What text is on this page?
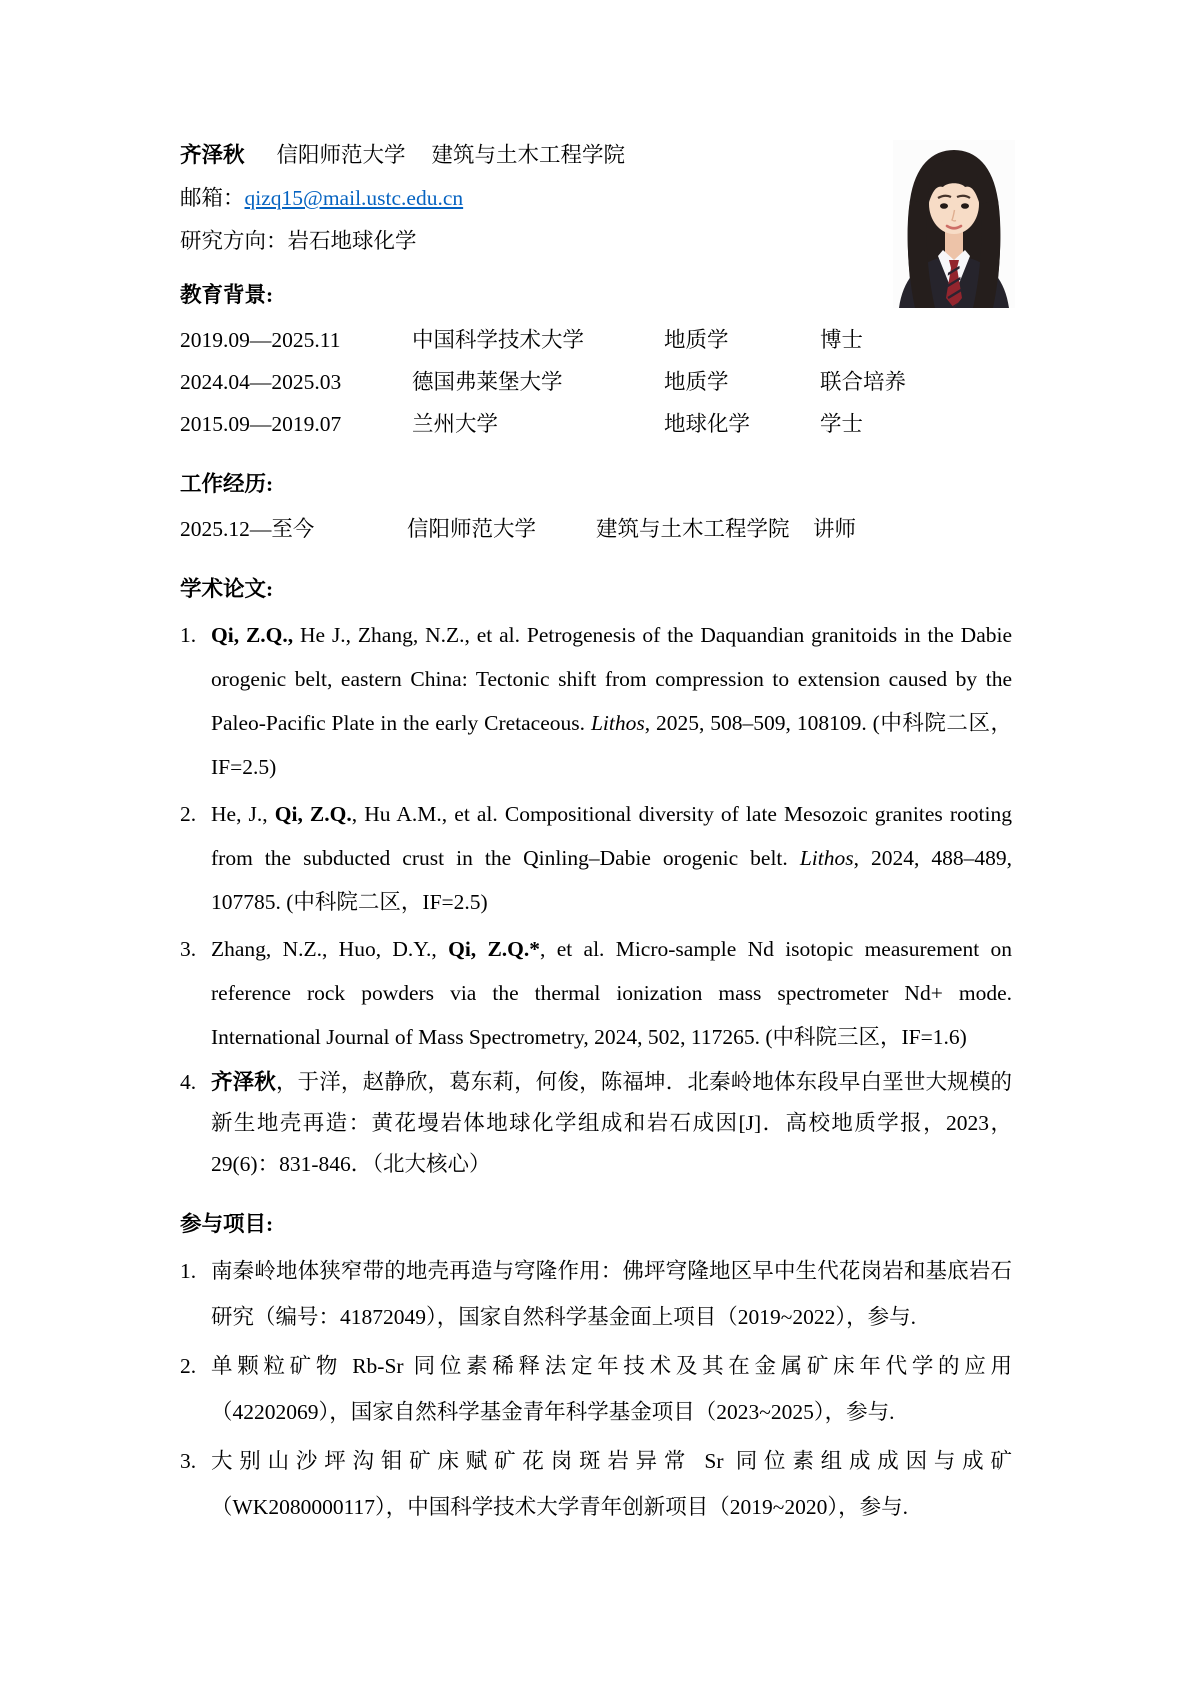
齐泽秋 信阳师范大学 建筑与土木工程学院
邮箱：qizq15@mail.ustc.edu.cn
研究方向：岩石地球化学
教育背景:
2019.09—2025.11	中国科学技术大学	地质学	博士
2024.04—2025.03	德国弗莱堡大学	地质学	联合培养
2015.09—2019.07	兰州大学	地球化学	学士
工作经历:
2025.12—至今	信阳师范大学	建筑与土木工程学院	讲师
学术论文:
1. Qi, Z.Q., He J., Zhang, N.Z., et al. Petrogenesis of the Daquandian granitoids in the Dabie orogenic belt, eastern China: Tectonic shift from compression to extension caused by the Paleo-Pacific Plate in the early Cretaceous. Lithos, 2025, 508–509, 108109. (中科院二区，IF=2.5)

2. He, J., Qi, Z.Q., Hu A.M., et al. Compositional diversity of late Mesozoic granites rooting from the subducted crust in the Qinling–Dabie orogenic belt. Lithos, 2024, 488–489, 107785. (中科院二区，IF=2.5)

3. Zhang, N.Z., Huo, D.Y., Qi, Z.Q.*, et al. Micro-sample Nd isotopic measurement on reference rock powders via the thermal ionization mass spectrometer Nd+ mode. International Journal of Mass Spectrometry, 2024, 502, 117265. (中科院三区，IF=1.6)

4. 齐泽秋，于洋，赵静欣，葛东莉，何俊，陈福坤．北秦岭地体东段早白垩世大规模的新生地壳再造：黄花墁岩体地球化学组成和岩石成因[J]．高校地质学报，2023，29(6)：831-846．（北大核心）

参与项目:
1. 南秦岭地体狭窄带的地壳再造与穹隆作用：佛坪穹隆地区早中生代花岗岩和基底岩石研究（编号：41872049），国家自然科学基金面上项目（2019~2022），参与.

2. 单颗粒矿物 Rb-Sr 同位素稀释法定年技术及其在金属矿床年代学的应用（42202069），国家自然科学基金青年科学基金项目（2023~2025），参与.

3. 大别山沙坪沟钼矿床赋矿花岗斑岩异常 Sr 同位素组成成因与成矿（WK2080000117），中国科学技术大学青年创新项目（2019~2020），参与.
